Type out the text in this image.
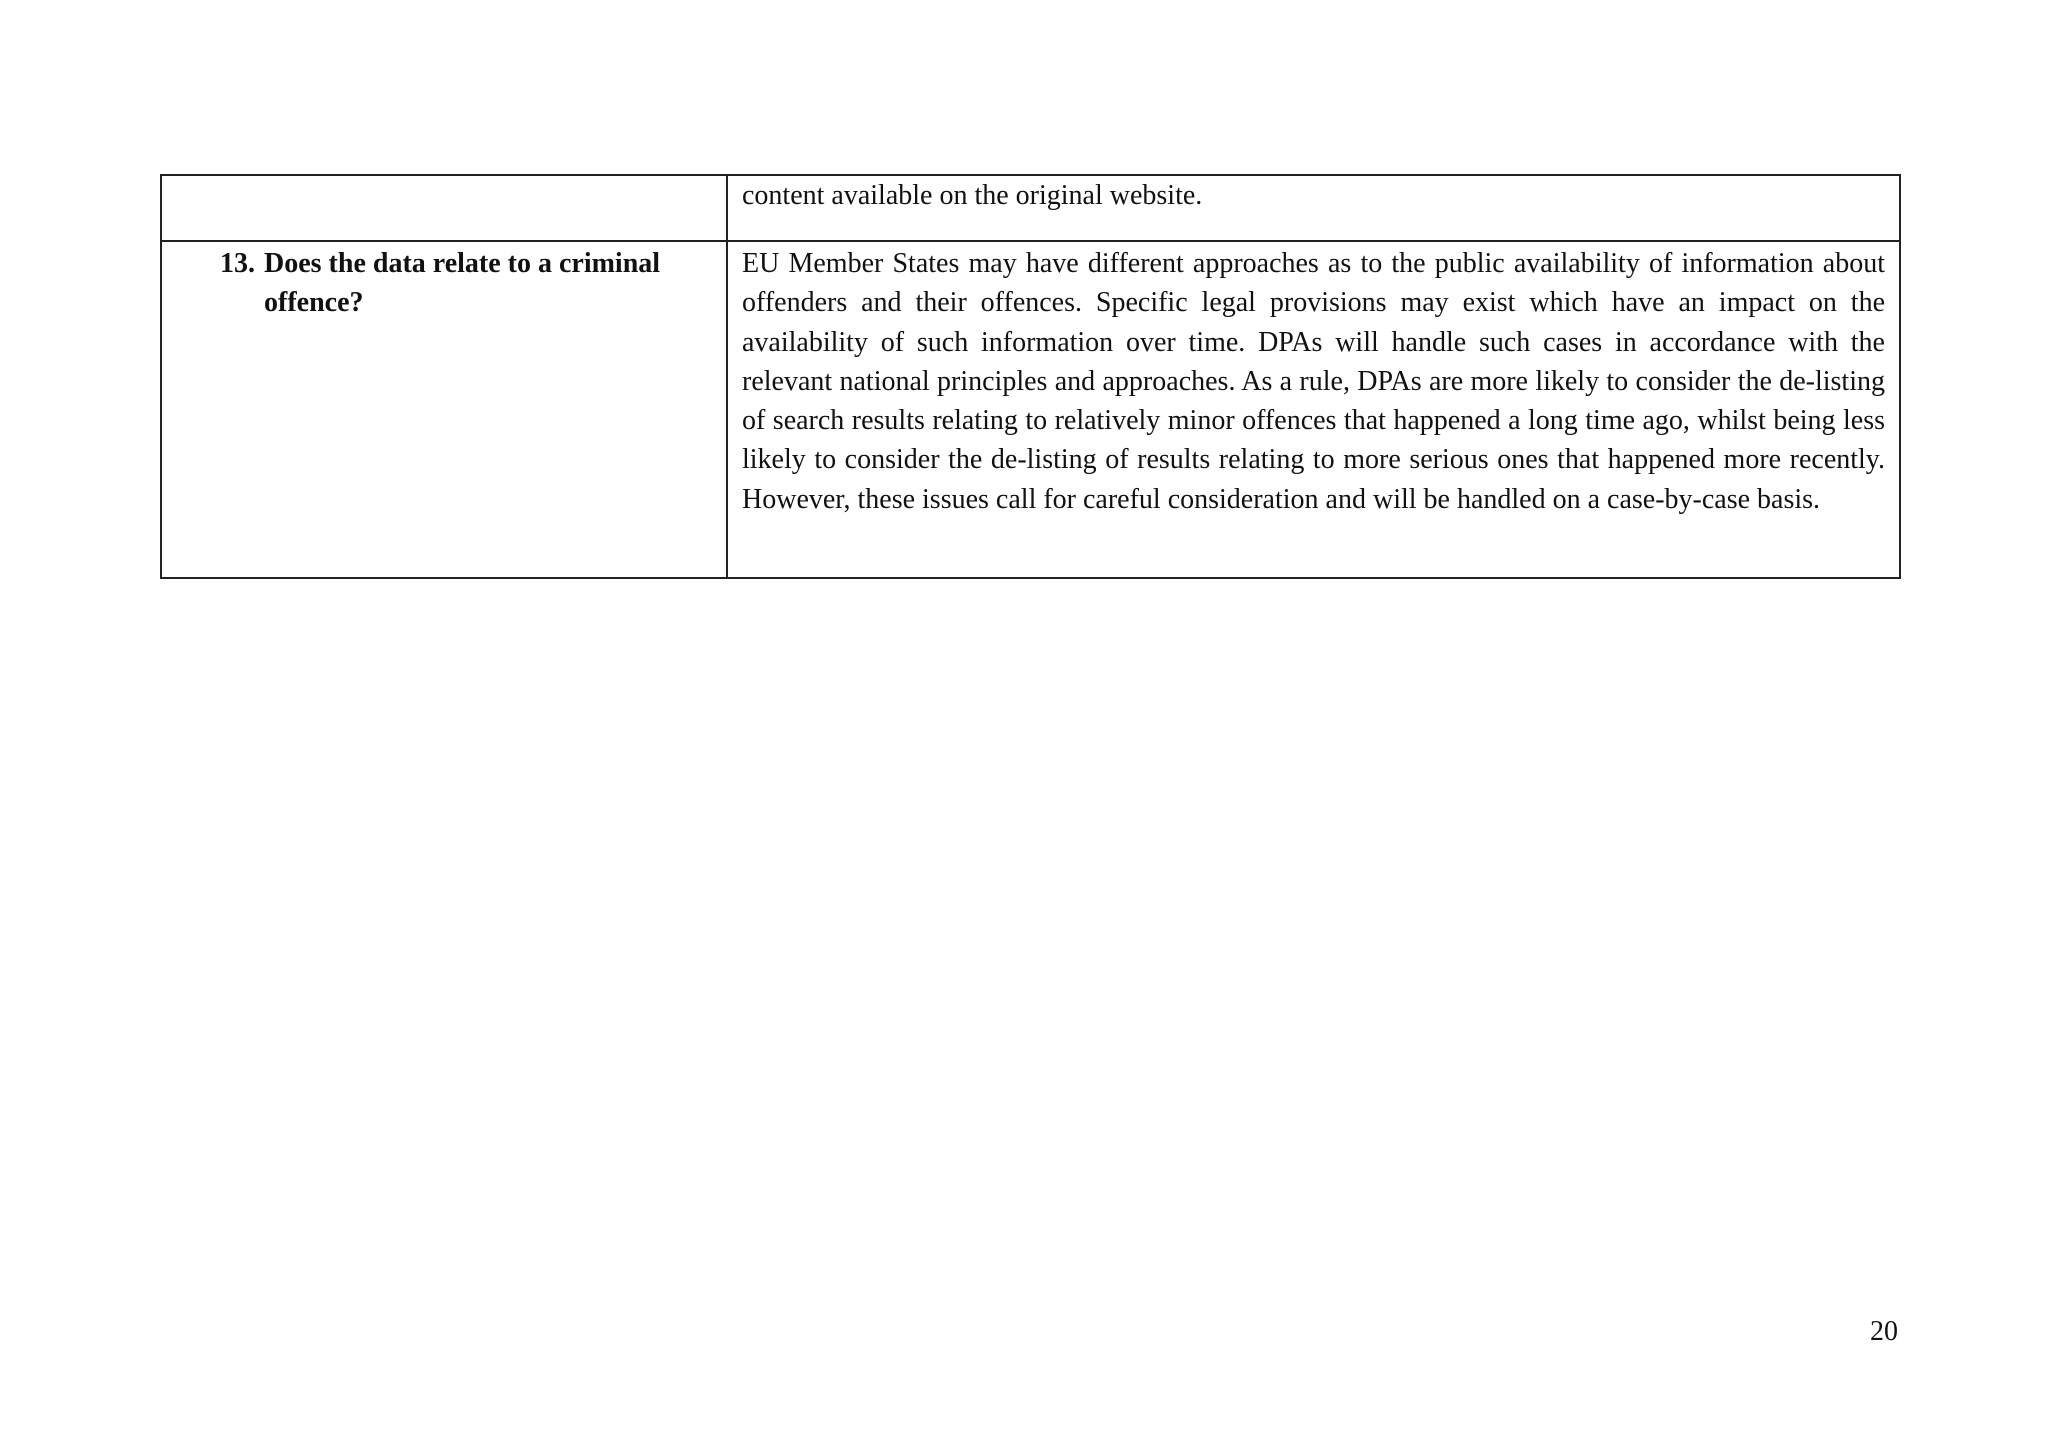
	content available on the original website.

13. Does the data relate to a criminal offence?	EU Member States may have different approaches as to the public availability of information about offenders and their offences. Specific legal provisions may exist which have an impact on the availability of such information over time. DPAs will handle such cases in accordance with the relevant national principles and approaches. As a rule, DPAs are more likely to consider the de-listing of search results relating to relatively minor offences that happened a long time ago, whilst being less likely to consider the de-listing of results relating to more serious ones that happened more recently. However, these issues call for careful consideration and will be handled on a case-by-case basis.
20
